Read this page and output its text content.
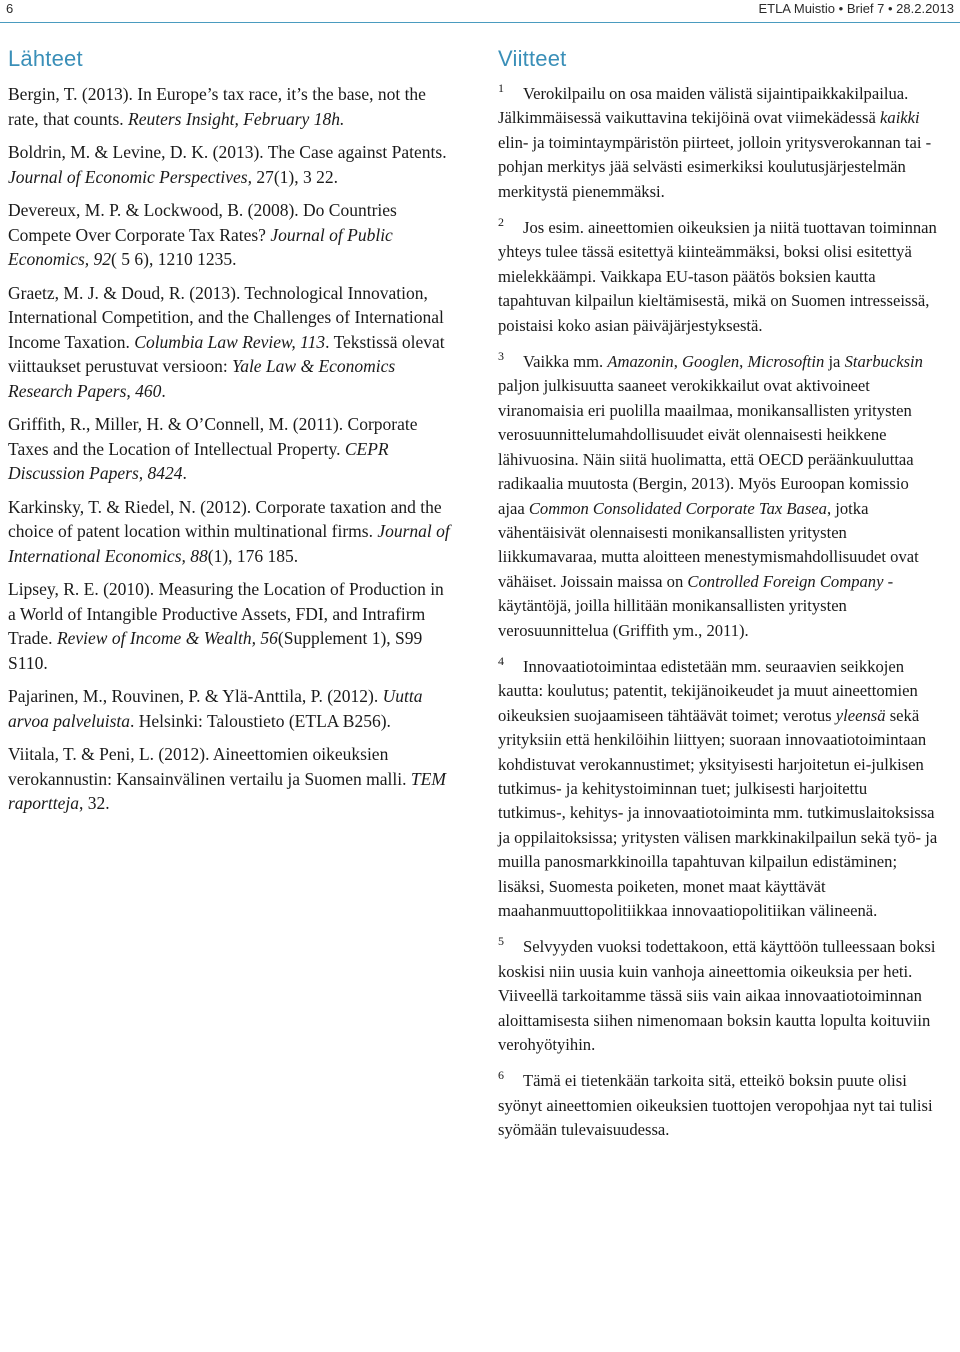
6	ETLA Muistio • Brief 7 • 28.2.2013
Lähteet

Bergin, T. (2013). In Europe’s tax race, it’s the base, not the rate, that counts. Reuters Insight, February 18h.

Boldrin, M. & Levine, D. K. (2013). The Case against Patents. Journal of Economic Perspectives, 27(1), 3 22.

Devereux, M. P. & Lockwood, B. (2008). Do Countries Compete Over Corporate Tax Rates? Journal of Public Economics, 92( 5 6), 1210 1235.

Graetz, M. J. & Doud, R. (2013). Technological Innovation, International Competition, and the Challenges of International Income Taxation. Columbia Law Review, 113. Tekstissä olevat viittaukset perustuvat versioon: Yale Law & Economics Research Papers, 460.

Griffith, R., Miller, H. & O’Connell, M. (2011). Corporate Taxes and the Location of Intellectual Property. CEPR Discussion Papers, 8424.

Karkinsky, T. & Riedel, N. (2012). Corporate taxation and the choice of patent location within multinational firms. Journal of International Economics, 88(1), 176 185.

Lipsey, R. E. (2010). Measuring the Location of Production in a World of Intangible Productive Assets, FDI, and Intrafirm Trade. Review of Income & Wealth, 56(Supplement 1), S99 S110.

Pajarinen, M., Rouvinen, P. & Ylä-Anttila, P. (2012). Uutta arvoa palveluista. Helsinki: Taloustieto (ETLA B256).

Viitala, T. & Peni, L. (2012). Aineettomien oikeuksien verokannustin: Kansainvälinen vertailu ja Suomen malli. TEM raportteja, 32.

Viitteet
1 Verokilpailu on osa maiden välistä sijaintipaikkakilpailua. Jälkimmäisessä vaikuttavina tekijöinä ovat viimekädessä kaikki elin- ja toimintaympäristön piirteet, jolloin yritysverokannan tai -pohjan merkitys jää selvästi esimerkiksi koulutusjärjestelmän merkitystä pienemmäksi.
2 Jos esim. aineettomien oikeuksien ja niitä tuottavan toiminnan yhteys tulee tässä esitettyä kiinteämmäksi, boksi olisi esitettyä mielekkäämpi. Vaikkapa EU-tason päätös boksien kautta tapahtuvan kilpailun kieltämisestä, mikä on Suomen intresseissä, poistaisi koko asian päiväjärjestyksestä.
3 Vaikka mm. Amazonin, Googlen, Microsoftin ja Starbucksin paljon julkisuutta saaneet verokikkailut ovat aktivoineet viranomaisia eri puolilla maailmaa, monikansallisten yritysten verosuunnittelumahdollisuudet eivät olennaisesti heikkene lähivuosina. Näin siitä huolimatta, että OECD peräänkuuluttaa radikaalia muutosta (Bergin, 2013). Myös Euroopan komissio ajaa Common Consolidated Corporate Tax Basea, jotka vähentäisivät olennaisesti monikansallisten yritysten liikkumavaraa, mutta aloitteen menestymismahdollisuudet ovat vähäiset. Joissain maissa on Controlled Foreign Company -käytäntöjä, joilla hillitään monikansallisten yritysten verosuunnittelua (Griffith ym., 2011).
4 Innovaatiotoimintaa edistetään mm. seuraavien seikkojen kautta: koulutus; patentit, tekijänoikeudet ja muut aineettomien oikeuksien suojaamiseen tähtäävät toimet; verotus yleensä sekä yrityksiin että henkilöihin liittyen; suoraan innovaatiotoimintaan kohdistuvat verokannustimet; yksityisesti harjoitetun ei-julkisen tutkimus- ja kehitystoiminnan tuet; julkisesti harjoitettu tutkimus-, kehitys- ja innovaatiotoiminta mm. tutkimuslaitoksissa ja oppilaitoksissa; yritysten välisen markkinakilpailun sekä työ- ja muilla panosmarkkinoilla tapahtuvan kilpailun edistäminen; lisäksi, Suomesta poiketen, monet maat käyttävät maahanmuuttopolitiikkaa innovaatiopolitiikan välineenä.
5 Selvyyden vuoksi todettakoon, että käyttöön tulleessaan boksi koskisi niin uusia kuin vanhoja aineettomia oikeuksia per heti. Viiveellä tarkoitamme tässä siis vain aikaa innovaatiotoiminnan aloittamisesta siihen nimenomaan boksin kautta lopulta koituviin verohyötyihin.
6 Tämä ei tietenkään tarkoita sitä, etteikö boksin puute olisi syönyt aineettomien oikeuksien tuottojen veropohjaa nyt tai tulisi syömään tulevaisuudessa.
